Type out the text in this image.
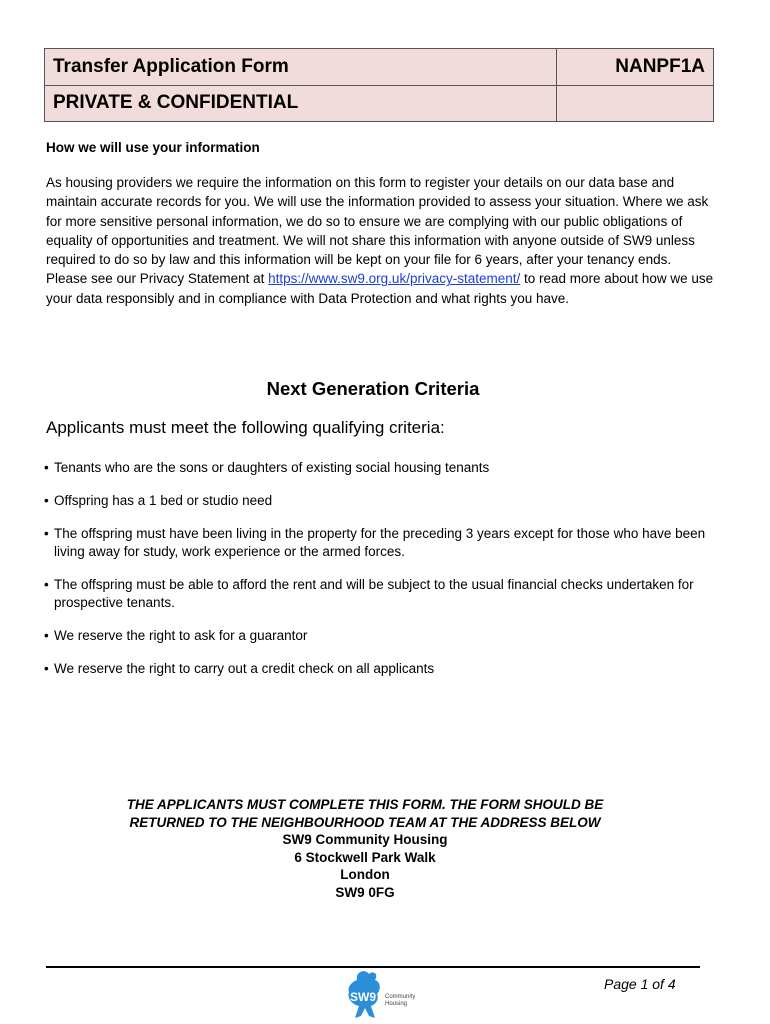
Transfer Application Form	NANPF1A
PRIVATE & CONFIDENTIAL	
How we will use your information
As housing providers we require the information on this form to register your details on our data base and maintain accurate records for you. We will use the information provided to assess your situation. Where we ask for more sensitive personal information, we do so to ensure we are complying with our public obligations of equality of opportunities and treatment. We will not share this information with anyone outside of SW9 unless required to do so by law and this information will be kept on your file for 6 years, after your tenancy ends. Please see our Privacy Statement at https://www.sw9.org.uk/privacy-statement/ to read more about how we use your data responsibly and in compliance with Data Protection and what rights you have.
Next Generation Criteria
Applicants must meet the following qualifying criteria:
• Tenants who are the sons or daughters of existing social housing tenants
• Offspring has a 1 bed or studio need
• The offspring must have been living in the property for the preceding 3 years except for those who have been living away for study, work experience or the armed forces.
• The offspring must be able to afford the rent and will be subject to the usual financial checks undertaken for prospective tenants.
• We reserve the right to ask for a guarantor
• We reserve the right to carry out a credit check on all applicants
THE APPLICANTS MUST COMPLETE THIS FORM. THE FORM SHOULD BE
RETURNED TO THE NEIGHBOURHOOD TEAM AT THE ADDRESS BELOW
SW9 Community Housing
6 Stockwell Park Walk
London
SW9 0FG
SW9 Community
Housing
Page 1 of 4
